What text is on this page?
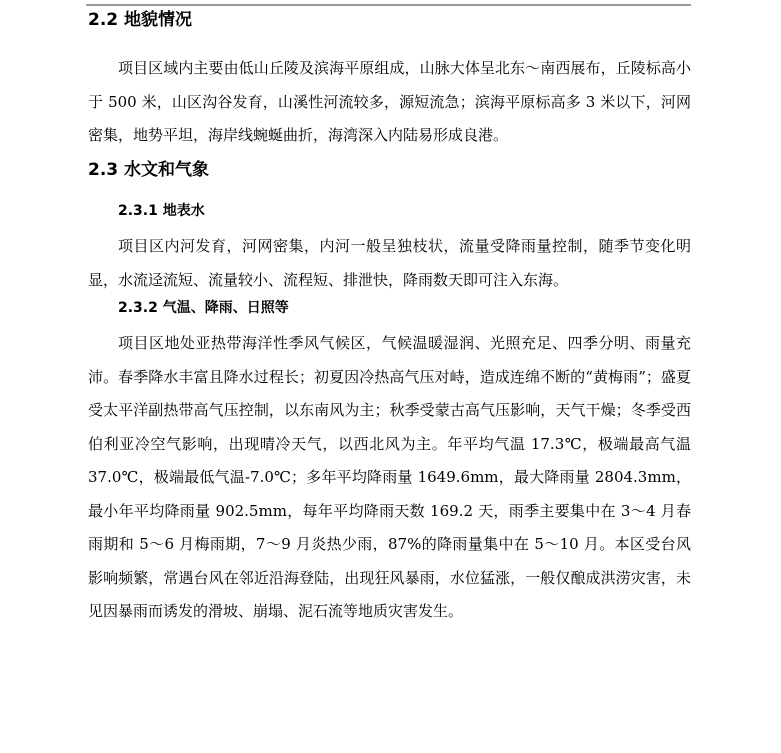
2.2 地貌情况

项目区域内主要由低山丘陵及滨海平原组成，山脉大体呈北东～南西展布，丘陵标高小于 500 米，山区沟谷发育，山溪性河流较多，源短流急；滨海平原标高多 3 米以下，河网密集，地势平坦，海岸线蜿蜒曲折，海湾深入内陆易形成良港。

2.3 水文和气象
2.3.1 地表水

项目区内河发育，河网密集，内河一般呈独枝状，流量受降雨量控制，随季节变化明显，水流迳流短、流量较小、流程短、排泄快，降雨数天即可注入东海。

2.3.2 气温、降雨、日照等

项目区地处亚热带海洋性季风气候区，气候温暖湿润、光照充足、四季分明、雨量充沛。春季降水丰富且降水过程长；初夏因冷热高气压对峙，造成连绵不断的“黄梅雨”；盛夏受太平洋副热带高气压控制，以东南风为主；秋季受蒙古高气压影响，天气干燥；冬季受西伯利亚冷空气影响，出现晴冷天气，以西北风为主。年平均气温 17.3℃，极端最高气温 37.0℃，极端最低气温-7.0℃；多年平均降雨量 1649.6mm，最大降雨量 2804.3mm，最小年平均降雨量 902.5mm，每年平均降雨天数 169.2 天，雨季主要集中在 3～4 月春雨期和 5～6 月梅雨期，7～9 月炎热少雨，87%的降雨量集中在 5～10 月。本区受台风影响频繁，常遇台风在邻近沿海登陆，出现狂风暴雨，水位猛涨，一般仅酿成洪涝灾害，未见因暴雨而诱发的滑坡、崩塌、泥石流等地质灾害发生。
